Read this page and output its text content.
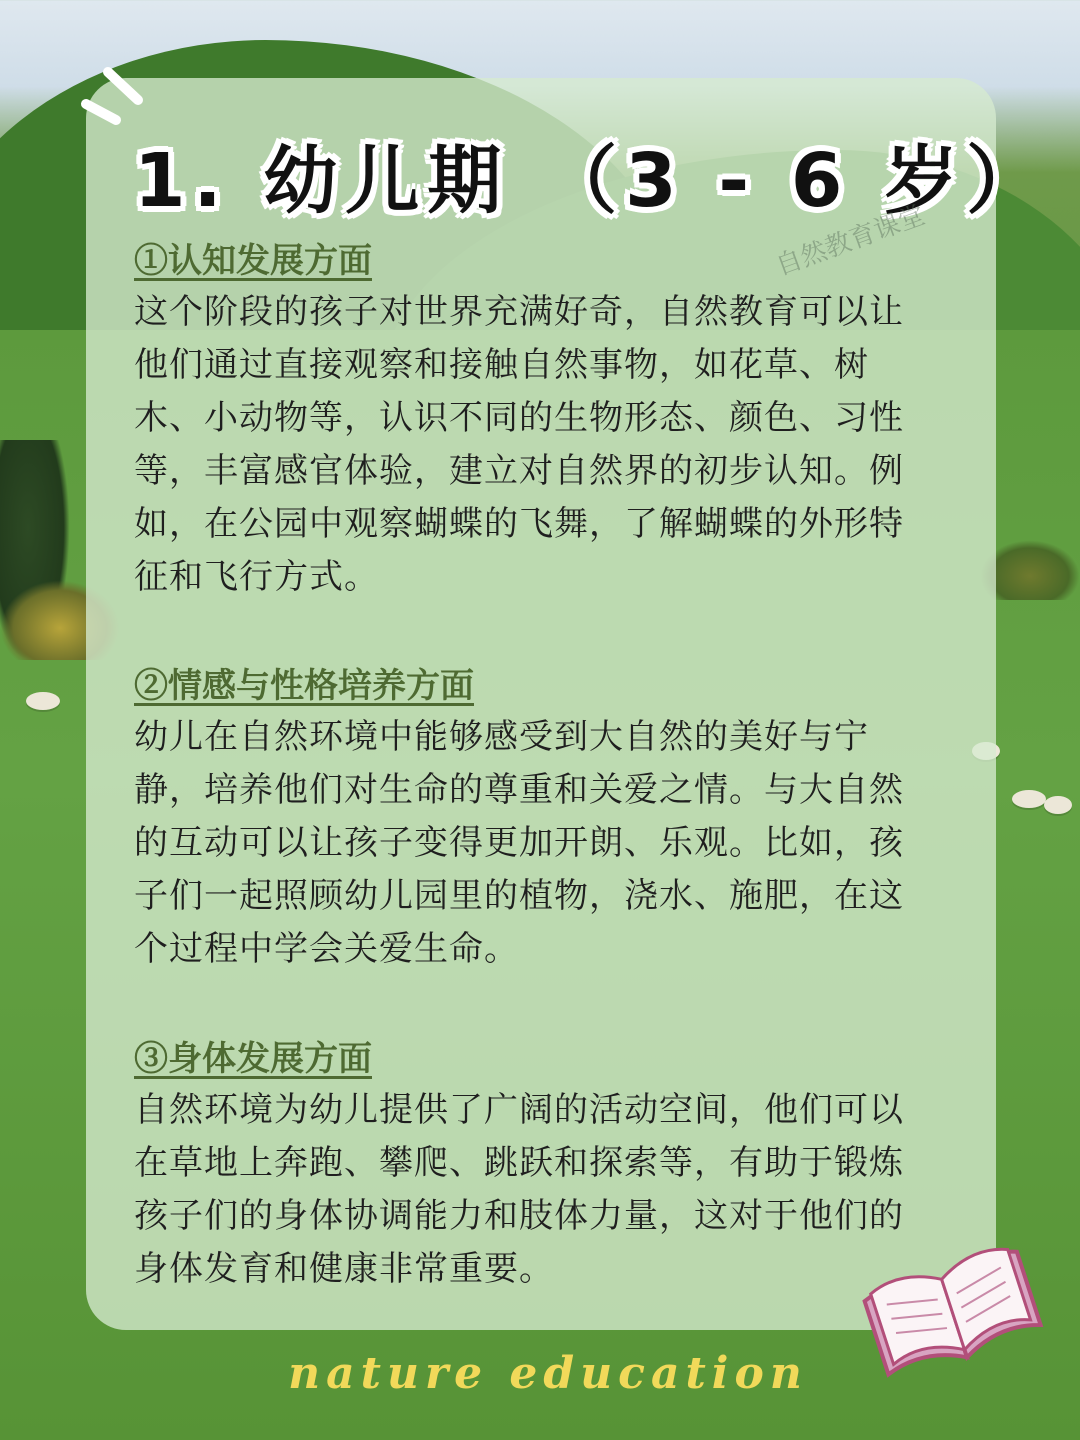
1. 幼儿期 （3 - 6 岁）
自然教育课堂
①认知发展方面

这个阶段的孩子对世界充满好奇，自然教育可以让他们通过直接观察和接触自然事物，如花草、树木、小动物等，认识不同的生物形态、颜色、习性等，丰富感官体验，建立对自然界的初步认知。例如，在公园中观察蝴蝶的飞舞，了解蝴蝶的外形特征和飞行方式。

②情感与性格培养方面

幼儿在自然环境中能够感受到大自然的美好与宁静，培养他们对生命的尊重和关爱之情。与大自然的互动可以让孩子变得更加开朗、乐观。比如，孩子们一起照顾幼儿园里的植物，浇水、施肥，在这个过程中学会关爱生命。

③身体发展方面

自然环境为幼儿提供了广阔的活动空间，他们可以在草地上奔跑、攀爬、跳跃和探索等，有助于锻炼孩子们的身体协调能力和肢体力量，这对于他们的身体发育和健康非常重要。

nature education
